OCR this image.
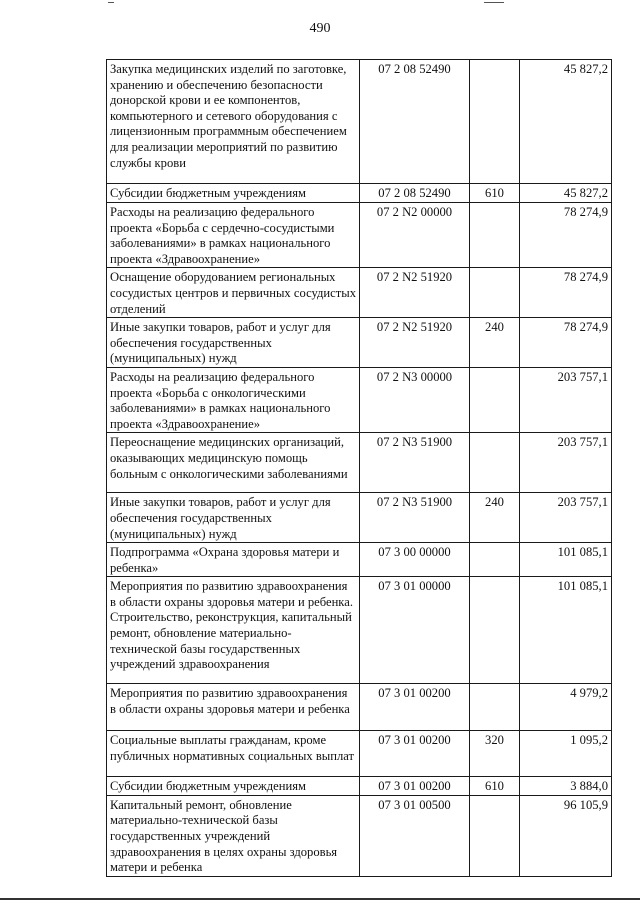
490
Закупка медицинских изделий по заготовке, хранению и обеспечению безопасности донорской крови и ее компонентов, компьютерного и сетевого оборудования с лицензионным программным обеспечением для реализации мероприятий по развитию службы крови	07 2 08 52490		45 827,2
Субсидии бюджетным учреждениям	07 2 08 52490	610	45 827,2
Расходы на реализацию федерального проекта «Борьба с сердечно-сосудистыми заболеваниями» в рамках национального проекта «Здравоохранение»	07 2 N2 00000		78 274,9
Оснащение оборудованием региональных сосудистых центров и первичных сосудистых отделений	07 2 N2 51920		78 274,9
Иные закупки товаров, работ и услуг для обеспечения государственных (муниципальных) нужд	07 2 N2 51920	240	78 274,9
Расходы на реализацию федерального проекта «Борьба с онкологическими заболеваниями» в рамках национального проекта «Здравоохранение»	07 2 N3 00000		203 757,1
Переоснащение медицинских организаций, оказывающих медицинскую помощь больным с онкологическими заболеваниями	07 2 N3 51900		203 757,1
Иные закупки товаров, работ и услуг для обеспечения государственных (муниципальных) нужд	07 2 N3 51900	240	203 757,1
Подпрограмма «Охрана здоровья матери и ребенка»	07 3 00 00000		101 085,1
Мероприятия по развитию здравоохранения в области охраны здоровья матери и ребенка. Строительство, реконструкция, капитальный ремонт, обновление материально-технической базы государственных учреждений здравоохранения	07 3 01 00000		101 085,1
Мероприятия по развитию здравоохранения в области охраны здоровья матери и ребенка	07 3 01 00200		4 979,2
Социальные выплаты гражданам, кроме публичных нормативных социальных выплат	07 3 01 00200	320	1 095,2
Субсидии бюджетным учреждениям	07 3 01 00200	610	3 884,0
Капитальный ремонт, обновление материально-технической базы государственных учреждений здравоохранения в целях охраны здоровья матери и ребенка	07 3 01 00500		96 105,9
